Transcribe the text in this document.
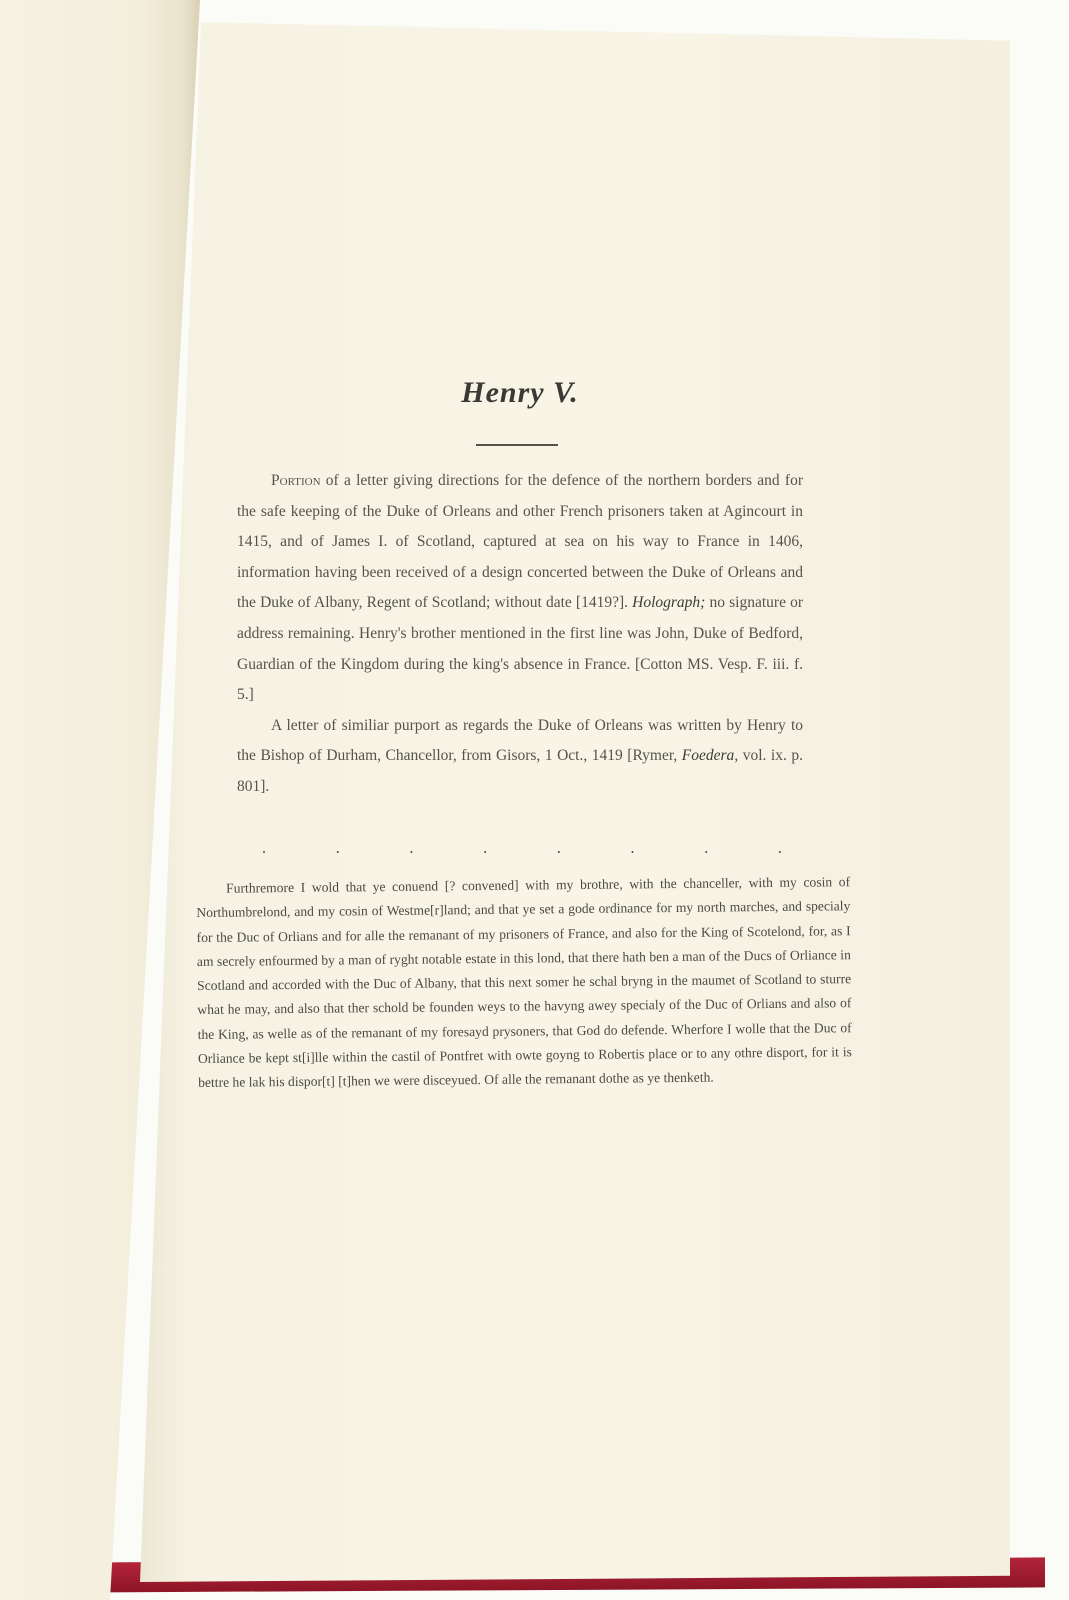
Henry V.

Portion of a letter giving directions for the defence of the northern borders and for the safe keeping of the Duke of Orleans and other French prisoners taken at Agincourt in 1415, and of James I. of Scotland, captured at sea on his way to France in 1406, information having been received of a design concerted between the Duke of Orleans and the Duke of Albany, Regent of Scotland; without date [1419?]. Holograph; no signature or address remaining. Henry's brother mentioned in the first line was John, Duke of Bedford, Guardian of the Kingdom during the king's absence in France. [Cotton MS. Vesp. F. iii. f. 5.]

A letter of similiar purport as regards the Duke of Orleans was written by Henry to the Bishop of Durham, Chancellor, from Gisors, 1 Oct., 1419 [Rymer, Foedera, vol. ix. p. 801].

.	.	.	.	.	.	.	.

Furthremore I wold that ye conuend [? convened] with my brothre, with the chanceller, with my cosin of Northumbrelond, and my cosin of Westme[r]land; and that ye set a gode ordinance for my north marches, and specialy for the Duc of Orlians and for alle the remanant of my prisoners of France, and also for the King of Scotelond, for, as I am secrely enfourmed by a man of ryght notable estate in this lond, that there hath ben a man of the Ducs of Orliance in Scotland and accorded with the Duc of Albany, that this next somer he schal bryng in the maumet of Scotland to sturre what he may, and also that ther schold be founden weys to the havyng awey specialy of the Duc of Orlians and also of the King, as welle as of the remanant of my foresayd prysoners, that God do defende. Wherfore I wolle that the Duc of Orliance be kept st[i]lle within the castil of Pontfret with owte goyng to Robertis place or to any othre disport, for it is bettre he lak his dispor[t] [t]hen we were disceyued. Of alle the remanant dothe as ye thenketh.
